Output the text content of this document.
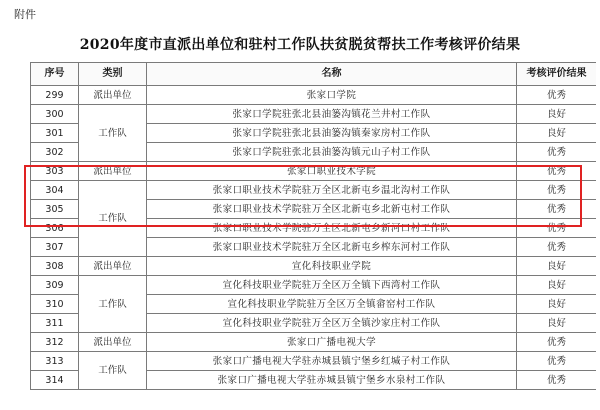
附件
2020年度市直派出单位和驻村工作队扶贫脱贫帮扶工作考核评价结果
序号	类别	名称	考核评价结果
299	派出单位	张家口学院	优秀
300	工作队	张家口学院驻张北县油篓沟镇花兰井村工作队	良好
301		张家口学院驻张北县油篓沟镇秦家房村工作队	良好
302		张家口学院驻张北县油篓沟镇元山子村工作队	优秀
303	派出单位	张家口职业技术学院	优秀
304	工作队	张家口职业技术学院驻万全区北新屯乡温北沟村工作队	优秀
305		张家口职业技术学院驻万全区北新屯乡北新屯村工作队	优秀
306		张家口职业技术学院驻万全区北新屯乡新河口村工作队	优秀
307		张家口职业技术学院驻万全区北新屯乡榨东河村工作队	优秀
308	派出单位	宣化科技职业学院	良好
309	工作队	宣化科技职业学院驻万全区万全镇下西湾村工作队	良好
310		宣化科技职业学院驻万全区万全镇畲窑村工作队	良好
311		宣化科技职业学院驻万全区万全镇沙家庄村工作队	良好
312	派出单位	张家口广播电视大学	优秀
313	工作队	张家口广播电视大学驻赤城县镇宁堡乡红堿子村工作队	优秀
314		张家口广播电视大学驻赤城县镇宁堡乡水泉村工作队	优秀
